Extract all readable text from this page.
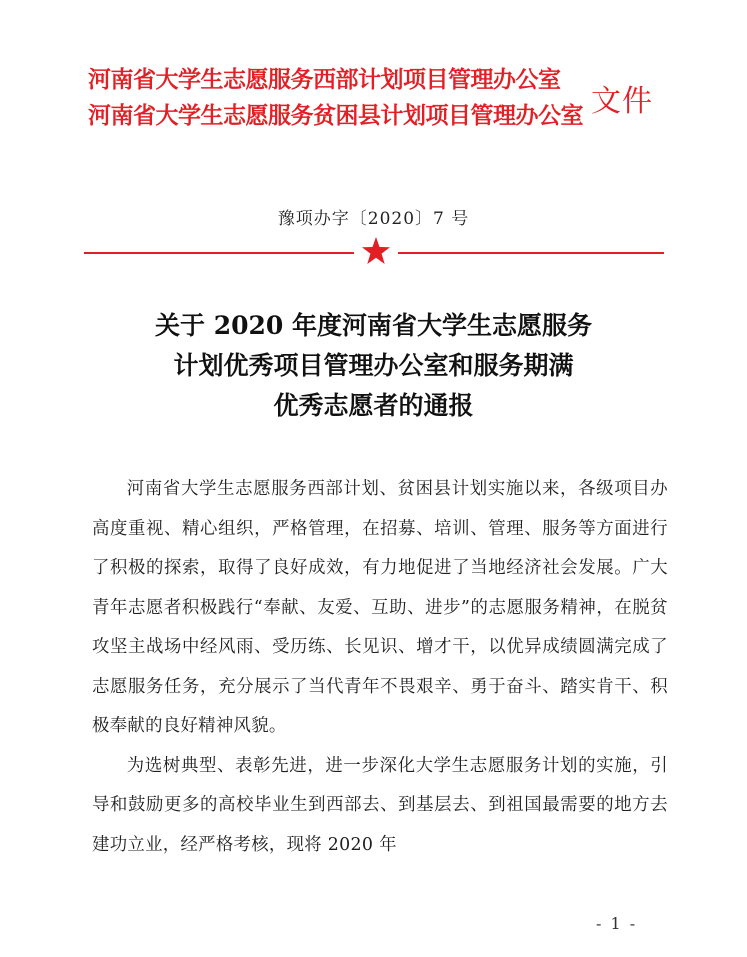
河南省大学生志愿服务西部计划项目管理办公室
河南省大学生志愿服务贫困县计划项目管理办公室 文件
豫项办字〔2020〕7 号
关于 2020 年度河南省大学生志愿服务
计划优秀项目管理办公室和服务期满
优秀志愿者的通报

河南省大学生志愿服务西部计划、贫困县计划实施以来，各级项目办高度重视、精心组织，严格管理，在招募、培训、管理、服务等方面进行了积极的探索，取得了良好成效，有力地促进了当地经济社会发展。广大青年志愿者积极践行“奉献、友爱、互助、进步”的志愿服务精神，在脱贫攻坚主战场中经风雨、受历练、长见识、增才干，以优异成绩圆满完成了志愿服务任务，充分展示了当代青年不畏艰辛、勇于奋斗、踏实肯干、积极奉献的良好精神风貌。

为选树典型、表彰先进，进一步深化大学生志愿服务计划的实施，引导和鼓励更多的高校毕业生到西部去、到基层去、到祖国最需要的地方去建功立业，经严格考核，现将 2020 年

- 1 -
